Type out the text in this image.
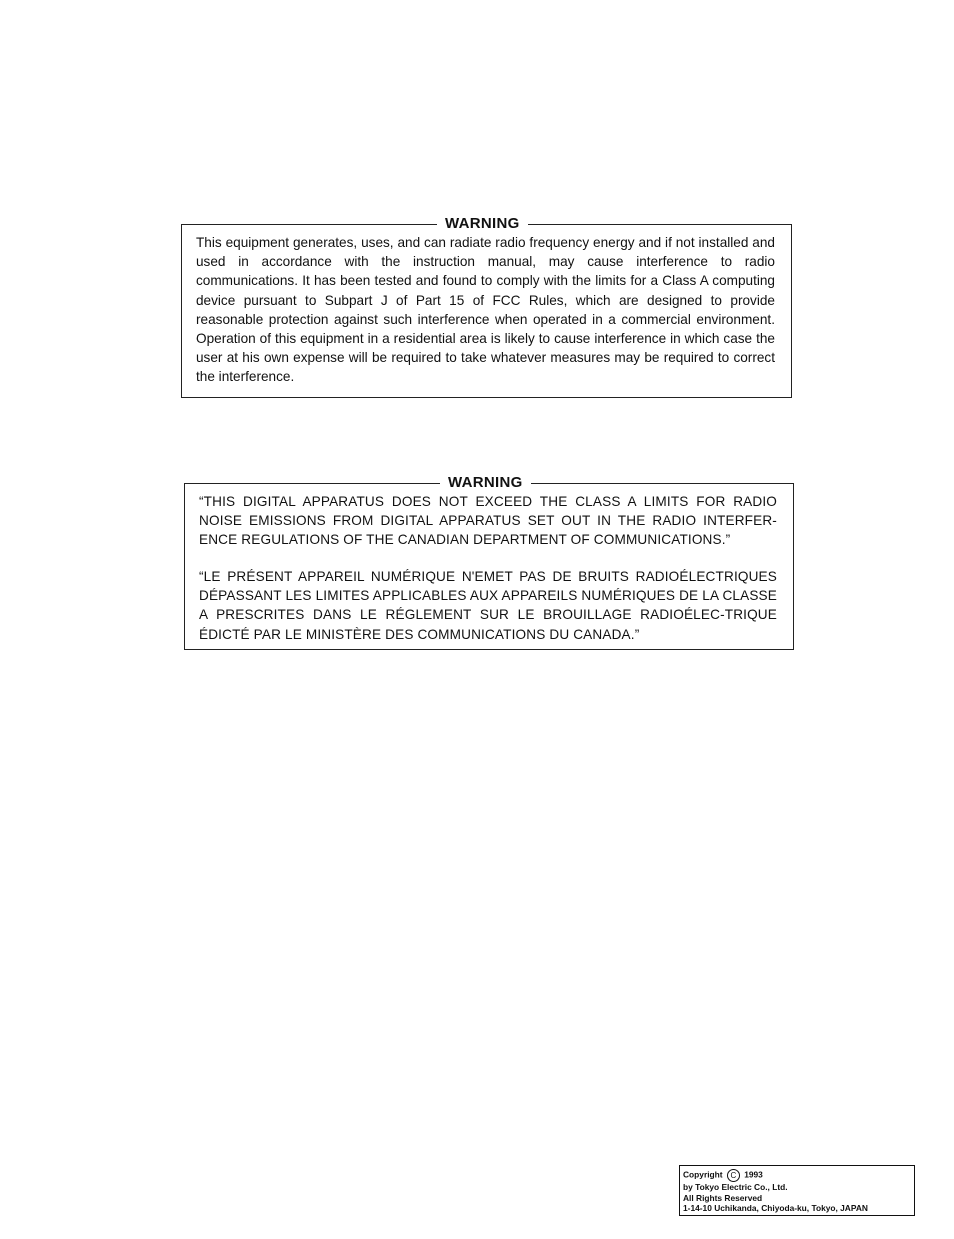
WARNING

This equipment generates, uses, and can radiate radio frequency energy and if not installed and used in accordance with the instruction manual, may cause interference to radio communications. It has been tested and found to comply with the limits for a Class A computing device pursuant to Subpart J of Part 15 of FCC Rules, which are designed to provide reasonable protection against such interference when operated in a commercial environment. Operation of this equipment in a residential area is likely to cause interference in which case the user at his own expense will be required to take whatever measures may be required to correct the interference.

WARNING

“THIS DIGITAL APPARATUS DOES NOT EXCEED THE CLASS A LIMITS FOR RADIO NOISE EMISSIONS FROM DIGITAL APPARATUS SET OUT IN THE RADIO INTERFER-ENCE REGULATIONS OF THE CANADIAN DEPARTMENT OF COMMUNICATIONS.”

“LE PRÉSENT APPAREIL NUMÉRIQUE N'EMET PAS DE BRUITS RADIOÉLECTRIQUES DÉPASSANT LES LIMITES APPLICABLES AUX APPAREILS NUMÉRIQUES DE LA CLASSE A PRESCRITES DANS LE RÉGLEMENT SUR LE BROUILLAGE RADIOÉLEC-TRIQUE ÉDICTÉ PAR LE MINISTÈRE DES COMMUNICATIONS DU CANADA.”

Copyright C 1993
by Tokyo Electric Co., Ltd.
All Rights Reserved
1-14-10 Uchikanda, Chiyoda-ku, Tokyo, JAPAN
